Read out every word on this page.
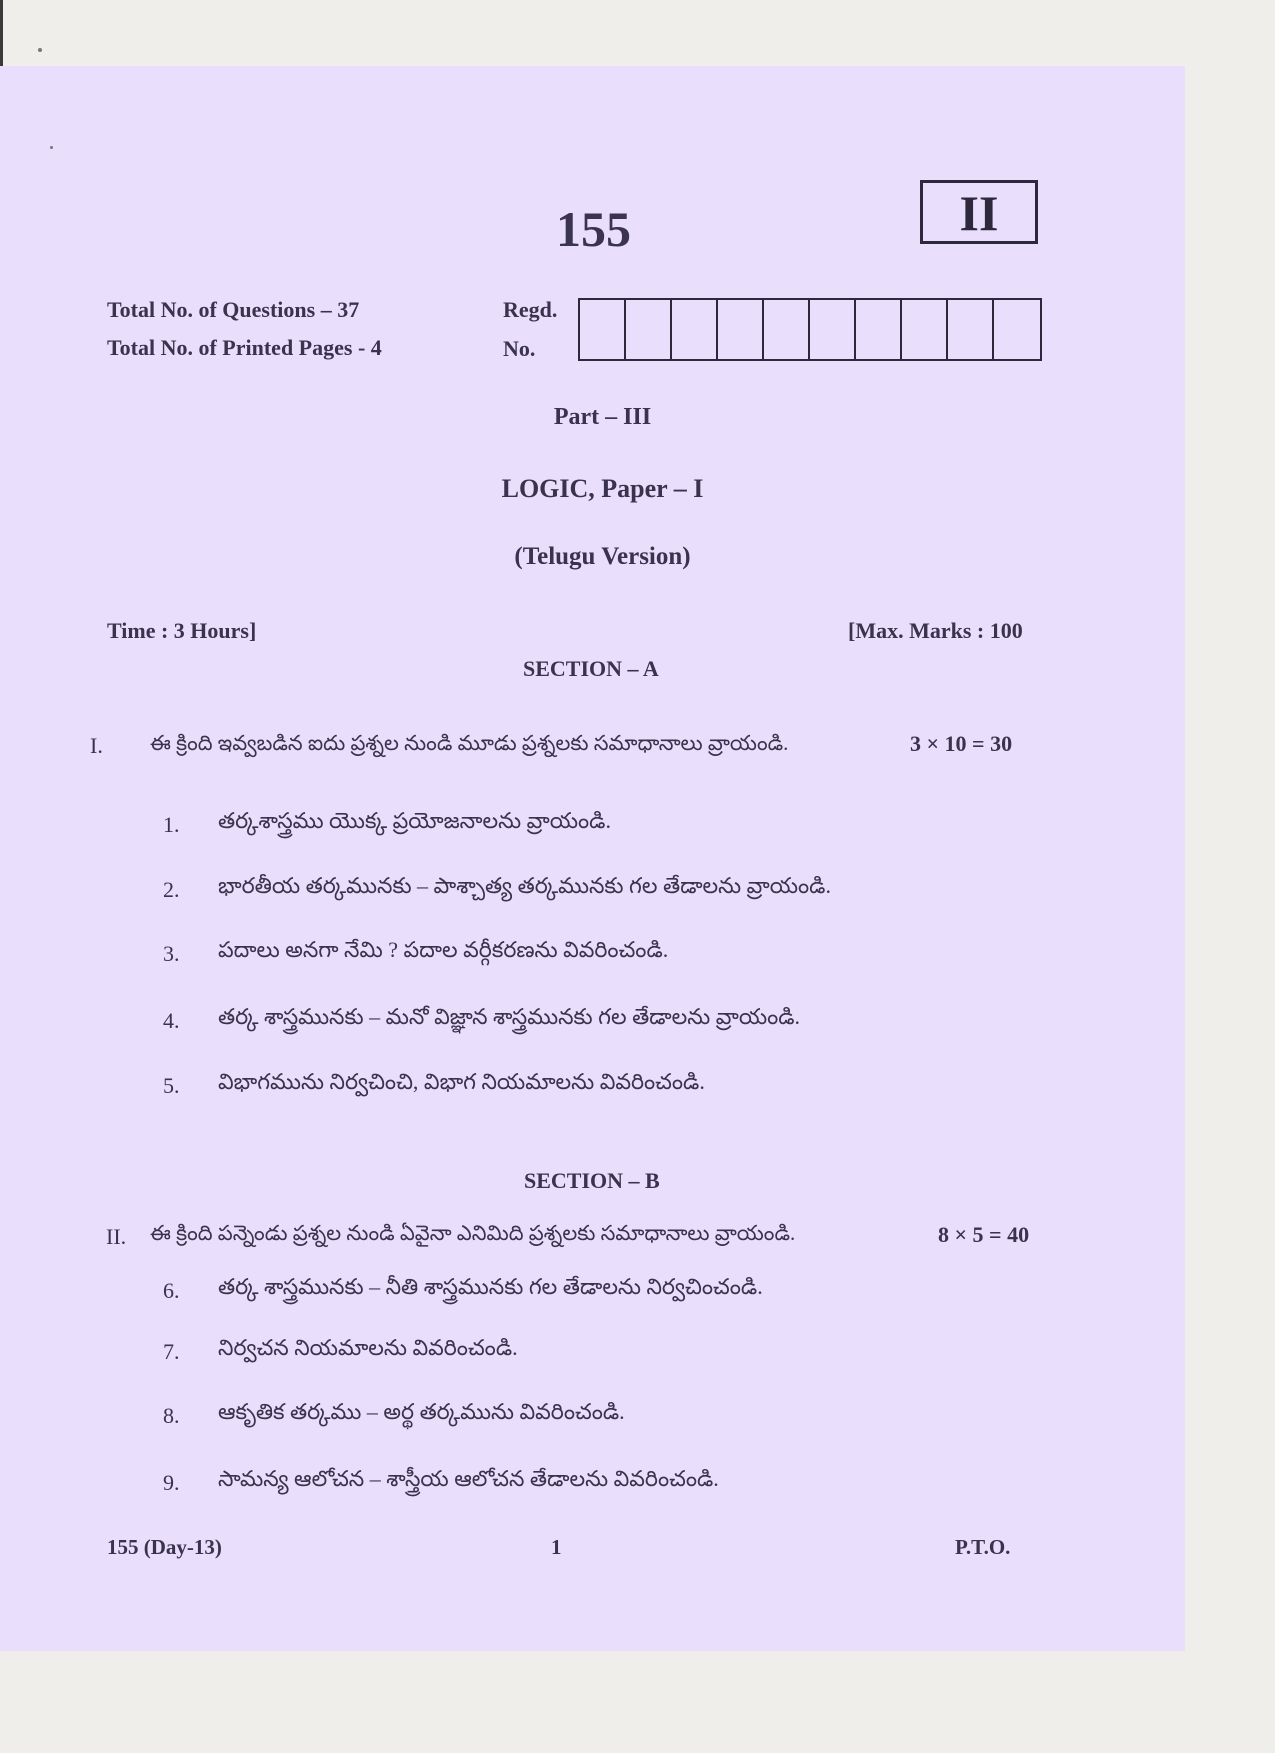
155	II
Total No. of Questions – 37
Total No. of Printed Pages - 4
Regd.
No.
Part – III
LOGIC, Paper – I
(Telugu Version)
Time : 3 Hours]	[Max. Marks : 100
SECTION – A
I. ఈ క్రింది ఇవ్వబడిన ఐదు ప్రశ్నల నుండి మూడు ప్రశ్నలకు సమాధానాలు వ్రాయండి.	3 × 10 = 30
1. తర్కశాస్త్రము యొక్క ప్రయోజనాలను వ్రాయండి.
2. భారతీయ తర్కమునకు – పాశ్చాత్య తర్కమునకు గల తేడాలను వ్రాయండి.
3. పదాలు అనగా నేమి ? పదాల వర్గీకరణను వివరించండి.
4. తర్క శాస్త్రమునకు – మనో విజ్ఞాన శాస్త్రమునకు గల తేడాలను వ్రాయండి.
5. విభాగమును నిర్వచించి, విభాగ నియమాలను వివరించండి.
SECTION – B
II. ఈ క్రింది పన్నెండు ప్రశ్నల నుండి ఏవైనా ఎనిమిది ప్రశ్నలకు సమాధానాలు వ్రాయండి.	8 × 5 = 40
6. తర్క శాస్త్రమునకు – నీతి శాస్త్రమునకు గల తేడాలను నిర్వచించండి.
7. నిర్వచన నియమాలను వివరించండి.
8. ఆకృతిక తర్కము – అర్థ తర్కమును వివరించండి.
9. సామన్య ఆలోచన – శాస్త్రీయ ఆలోచన తేడాలను వివరించండి.
155 (Day-13)	1	P.T.O.
